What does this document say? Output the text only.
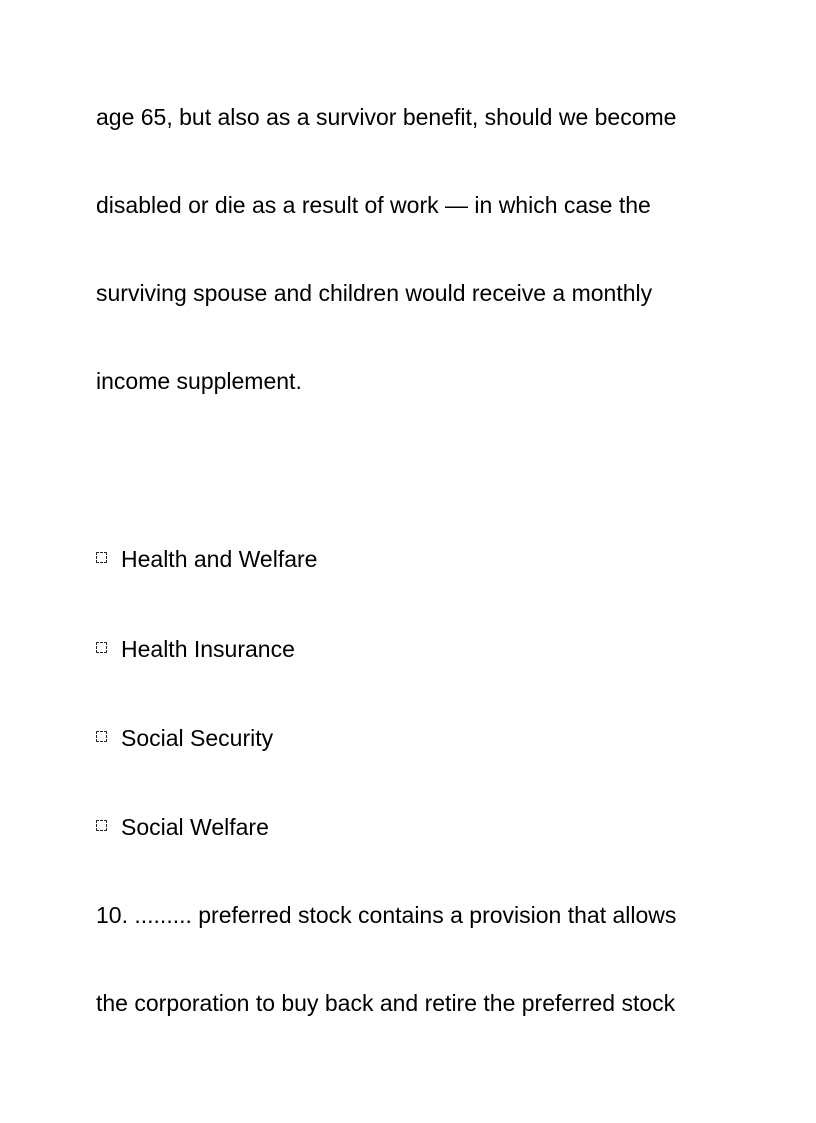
age 65, but also as a survivor benefit, should we become
disabled or die as a result of work — in which case the
surviving spouse and children would receive a monthly
income supplement.
Health and Welfare
Health Insurance
Social Security
Social Welfare
10. ......... preferred stock contains a provision that allows
the corporation to buy back and retire the preferred stock
